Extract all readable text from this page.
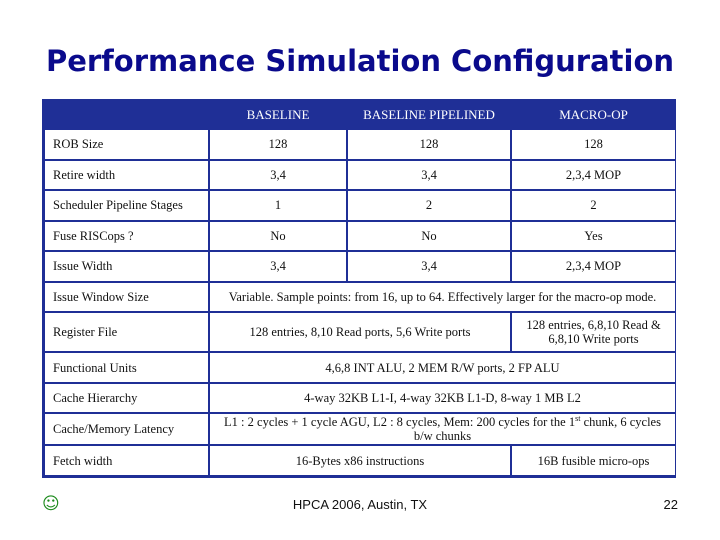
Performance Simulation Configuration
	BASELINE	BASELINE PIPELINED	MACRO-OP
ROB Size	128	128	128
Retire width	3,4	3,4	2,3,4 MOP
Scheduler Pipeline Stages	1	2	2
Fuse RISCops ?	No	No	Yes
Issue Width	3,4	3,4	2,3,4 MOP
Issue Window Size	Variable. Sample points: from 16, up to 64. Effectively larger for the macro-op mode.		
Register File	128 entries, 8,10 Read ports, 5,6 Write ports		128 entries, 6,8,10 Read & 6,8,10 Write ports
Functional Units	4,6,8 INT ALU, 2 MEM R/W ports, 2 FP ALU		
Cache Hierarchy	4-way 32KB L1-I, 4-way 32KB L1-D, 8-way 1 MB L2		
Cache/Memory Latency	L1 : 2 cycles + 1 cycle AGU, L2 : 8 cycles, Mem: 200 cycles for the 1st chunk, 6 cycles b/w chunks		
Fetch width	16-Bytes x86 instructions		16B fusible micro-ops
☺	HPCA 2006, Austin, TX	22
